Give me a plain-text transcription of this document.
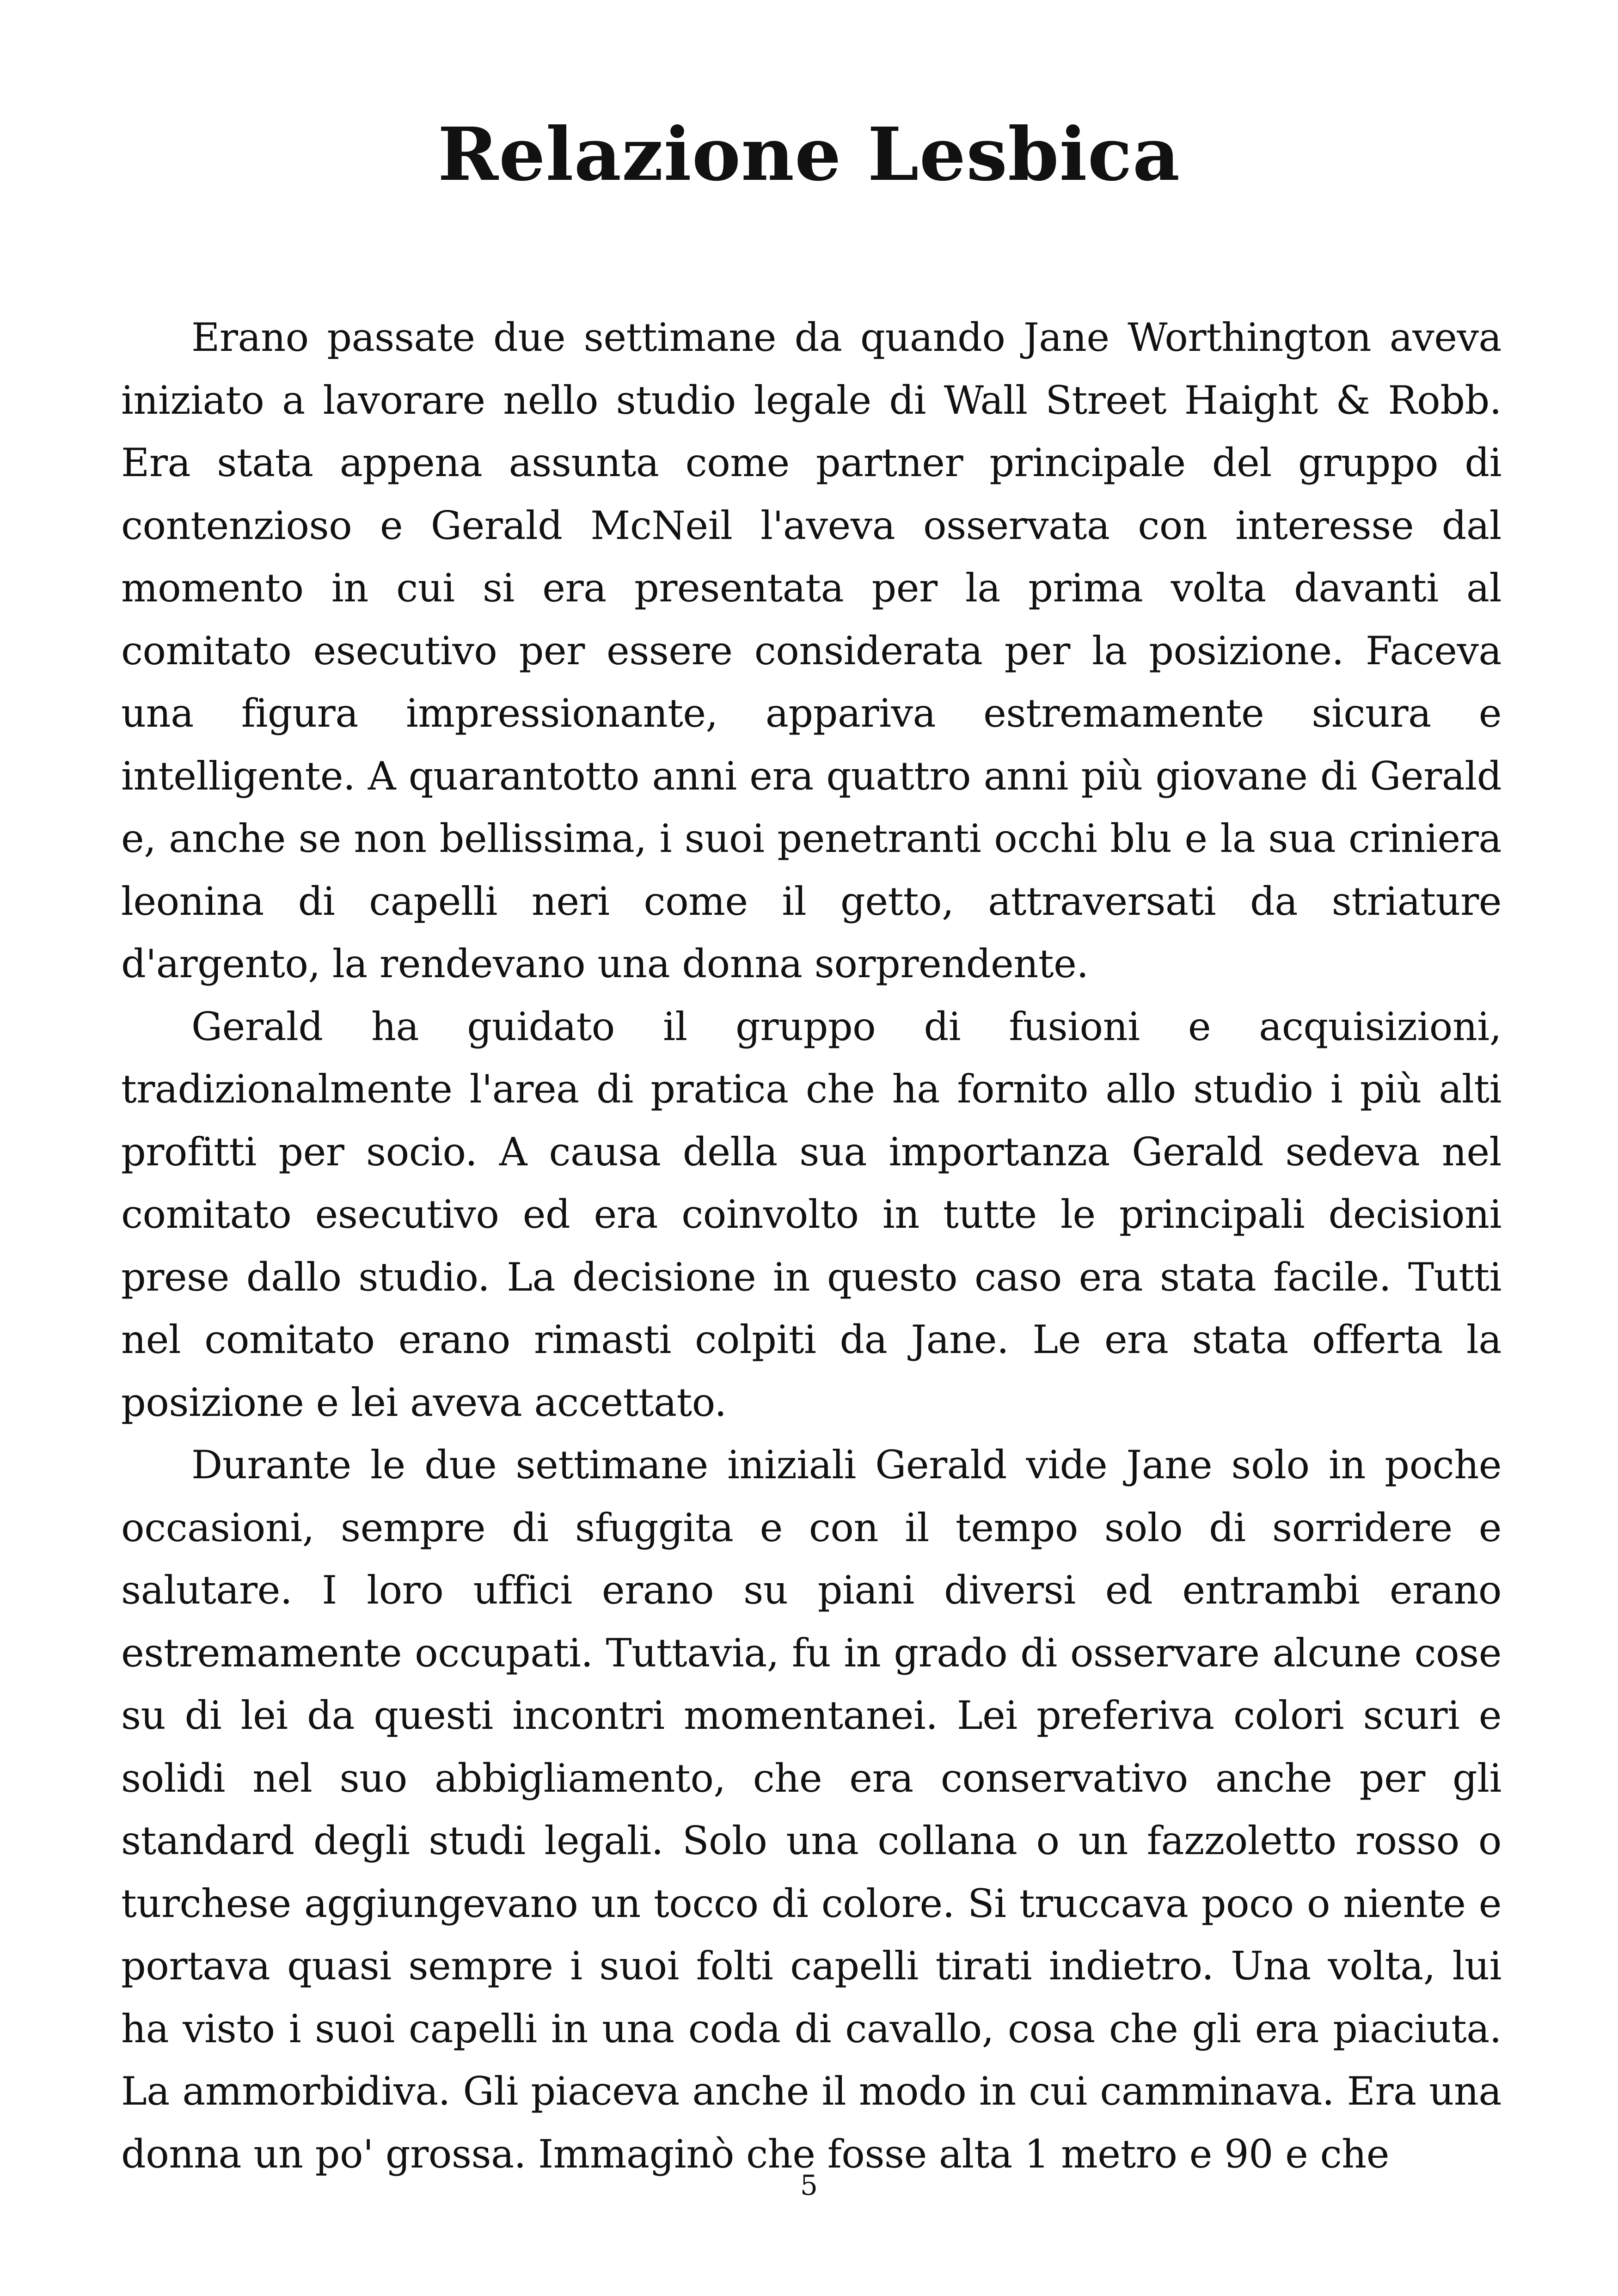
Relazione Lesbica

Erano passate due settimane da quando Jane Worthington aveva iniziato a lavorare nello studio legale di Wall Street Haight & Robb. Era stata appena assunta come partner principale del gruppo di contenzioso e Gerald McNeil l'aveva osservata con interesse dal momento in cui si era presentata per la prima volta davanti al comitato esecutivo per essere considerata per la posizione. Faceva una figura impressionante, appariva estremamente sicura e intelligente. A quarantotto anni era quattro anni più giovane di Gerald e, anche se non bellissima, i suoi penetranti occhi blu e la sua criniera leonina di capelli neri come il getto, attraversati da striature d'argento, la rendevano una donna sorprendente.

Gerald ha guidato il gruppo di fusioni e acquisizioni, tradizionalmente l'area di pratica che ha fornito allo studio i più alti profitti per socio. A causa della sua importanza Gerald sedeva nel comitato esecutivo ed era coinvolto in tutte le principali decisioni prese dallo studio. La decisione in questo caso era stata facile. Tutti nel comitato erano rimasti colpiti da Jane. Le era stata offerta la posizione e lei aveva accettato.

Durante le due settimane iniziali Gerald vide Jane solo in poche occasioni, sempre di sfuggita e con il tempo solo di sorridere e salutare. I loro uffici erano su piani diversi ed entrambi erano estremamente occupati. Tuttavia, fu in grado di osservare alcune cose su di lei da questi incontri momentanei. Lei preferiva colori scuri e solidi nel suo abbigliamento, che era conservativo anche per gli standard degli studi legali. Solo una collana o un fazzoletto rosso o turchese aggiungevano un tocco di colore. Si truccava poco o niente e portava quasi sempre i suoi folti capelli tirati indietro. Una volta, lui ha visto i suoi capelli in una coda di cavallo, cosa che gli era piaciuta. La ammorbidiva. Gli piaceva anche il modo in cui camminava. Era una donna un po' grossa. Immaginò che fosse alta 1 metro e 90 e che

5
